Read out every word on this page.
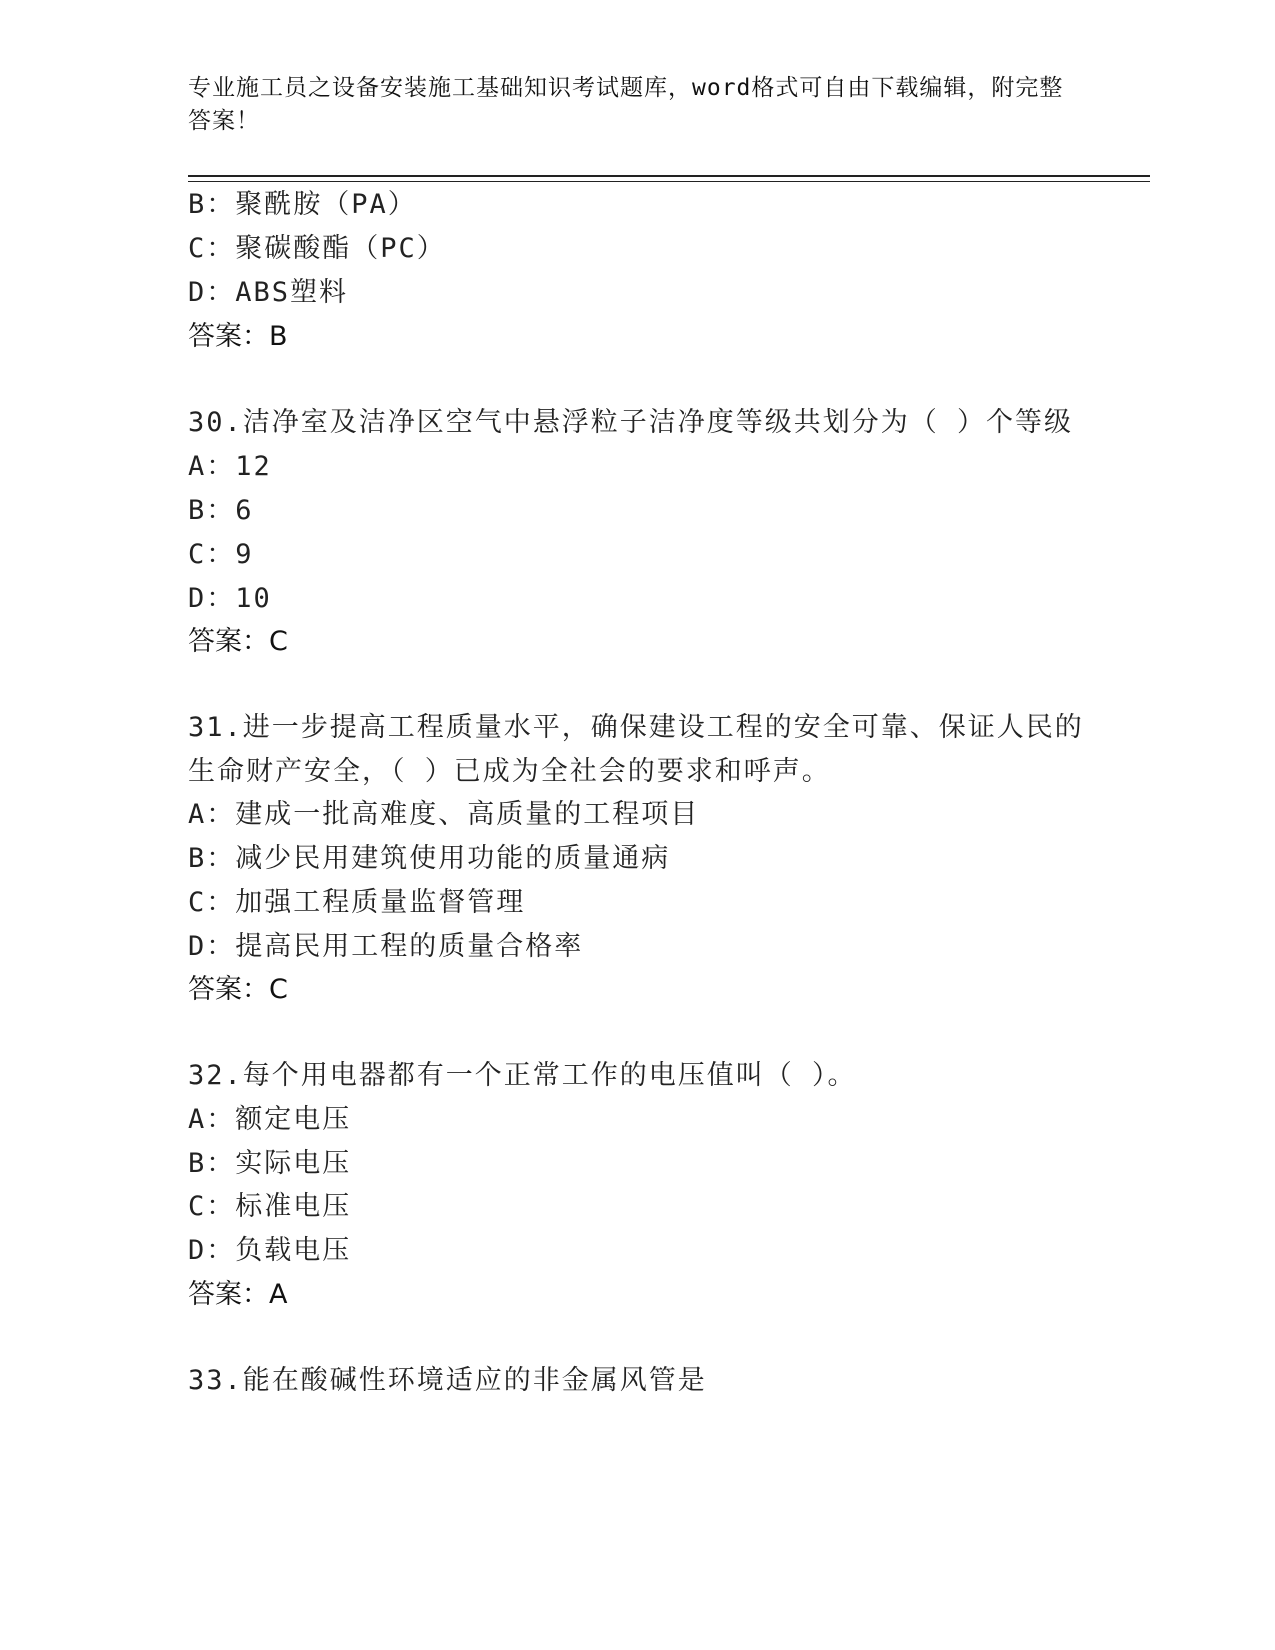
专业施工员之设备安装施工基础知识考试题库，word格式可自由下载编辑，附完整答案！
B：聚酰胺（PA）
C：聚碳酸酯（PC）
D：ABS塑料
答案：B
30.洁净室及洁净区空气中悬浮粒子洁净度等级共划分为（ ）个等级
A：12
B：6
C：9
D：10
答案：C
31.进一步提高工程质量水平，确保建设工程的安全可靠、保证人民的
生命财产安全，（ ）已成为全社会的要求和呼声。
A：建成一批高难度、高质量的工程项目
B：减少民用建筑使用功能的质量通病
C：加强工程质量监督管理
D：提高民用工程的质量合格率
答案：C
32.每个用电器都有一个正常工作的电压值叫（ ）。
A：额定电压
B：实际电压
C：标准电压
D：负载电压
答案：A
33.能在酸碱性环境适应的非金属风管是
